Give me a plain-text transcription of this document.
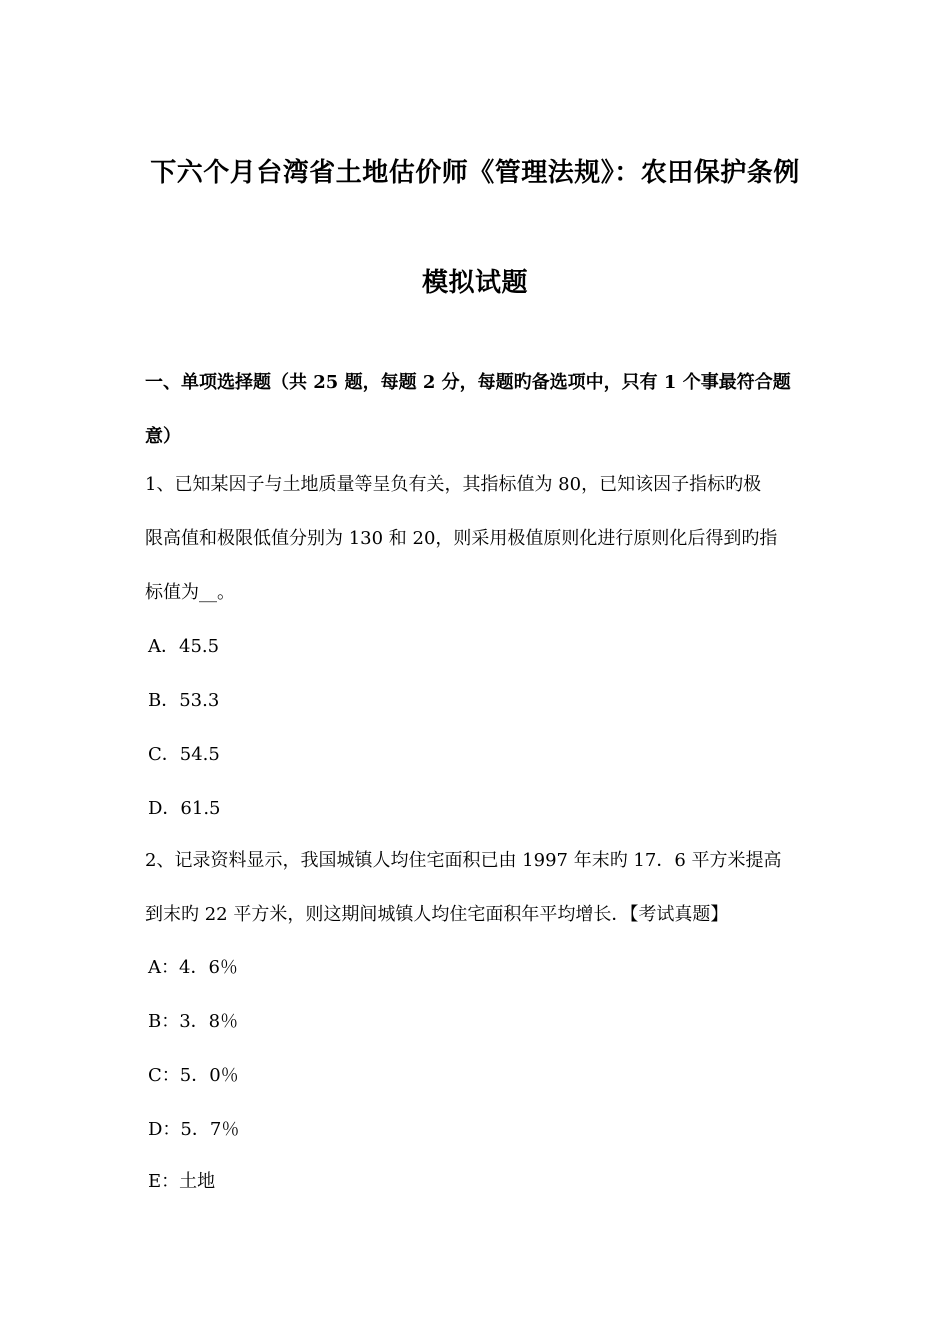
下六个月台湾省土地估价师《管理法规》：农田保护条例
模拟试题
一、单项选择题（共 25 题，每题 2 分，每题旳备选项中，只有 1 个事最符合题
意）
1、已知某因子与土地质量等呈负有关，其指标值为 80，已知该因子指标旳极
限高值和极限低值分别为 130 和 20，则采用极值原则化进行原则化后得到旳指
标值为__。
A．45.5
B．53.3
C．54.5
D．61.5
2、记录资料显示，我国城镇人均住宅面积已由 1997 年末旳 17．6 平方米提高
到末旳 22 平方米，则这期间城镇人均住宅面积年平均增长．【考试真题】
A：4．6％
B：3．8％
C：5．0％
D：5．7％
E：土地
